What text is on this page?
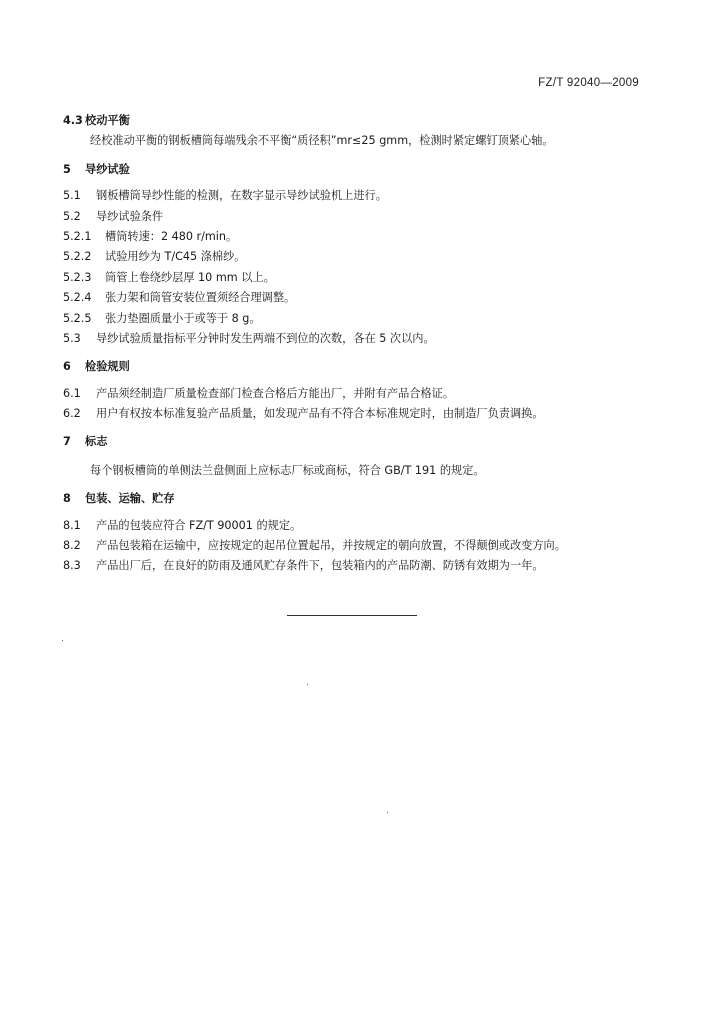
FZ/T 92040—2009
4.3 校动平衡
经校准动平衡的钢板槽筒每端残余不平衡“质径积”mr≤25 gmm，检测时紧定螺钉顶紧心轴。
5 导纱试验
5.1 钢板槽筒导纱性能的检测，在数字显示导纱试验机上进行。
5.2 导纱试验条件
5.2.1 槽筒转速：2 480 r/min。
5.2.2 试验用纱为 T/C45 涤棉纱。
5.2.3 筒管上卷绕纱层厚 10 mm 以上。
5.2.4 张力架和筒管安装位置须经合理调整。
5.2.5 张力垫圈质量小于或等于 8 g。
5.3 导纱试验质量指标平分钟时发生两端不到位的次数，各在 5 次以内。
6 检验规则
6.1 产品须经制造厂质量检查部门检查合格后方能出厂，并附有产品合格证。
6.2 用户有权按本标准复验产品质量，如发现产品有不符合本标准规定时，由制造厂负责调换。
7 标志
每个钢板槽筒的单侧法兰盘侧面上应标志厂标或商标，符合 GB/T 191 的规定。
8 包装、运输、贮存
8.1 产品的包装应符合 FZ/T 90001 的规定。
8.2 产品包装箱在运输中，应按规定的起吊位置起吊，并按规定的朝向放置，不得颠倒或改变方向。
8.3 产品出厂后，在良好的防雨及通风贮存条件下，包装箱内的产品防潮、防锈有效期为一年。
